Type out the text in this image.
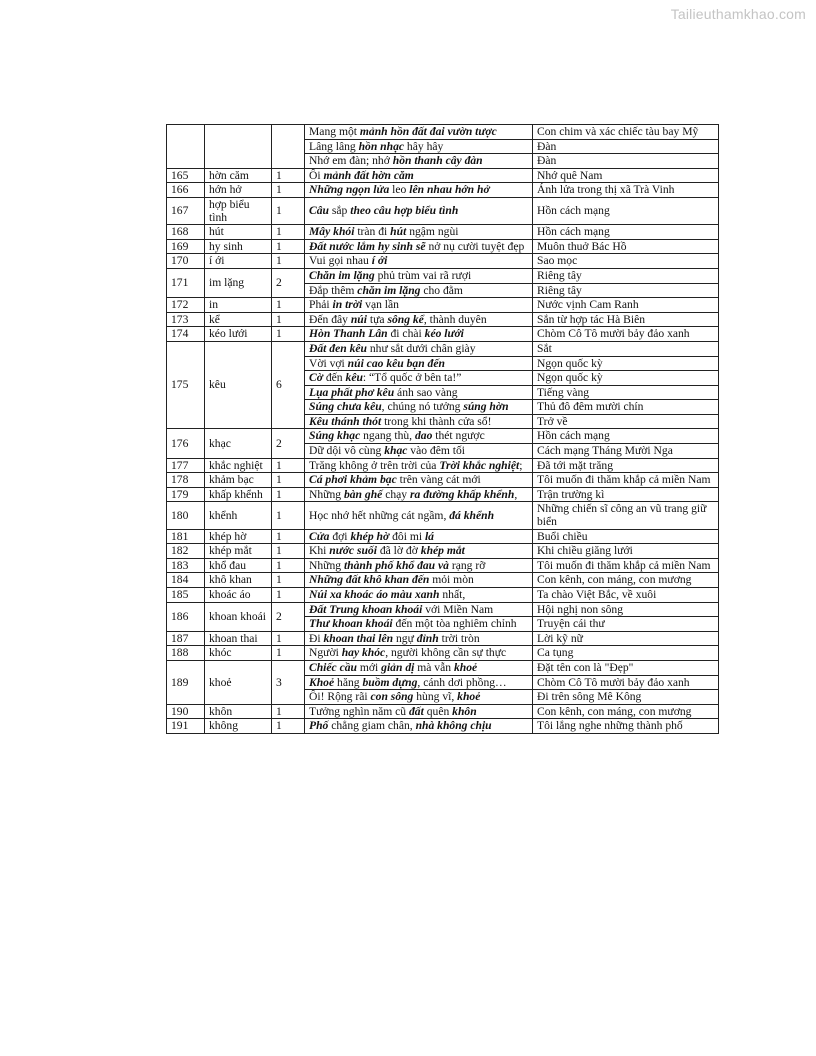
Tailieuthamkhao.com
			Mang một mảnh hồn đất đai vườn tược	Con chim và xác chiếc tàu bay Mỹ
			Lâng lâng hồn nhạc hây hây	Đàn
			Nhớ em đàn; nhớ hồn thanh cây đàn	Đàn
165	hờn căm	1	Ôi mảnh đất hờn căm	Nhớ quê Nam
166	hớn hở	1	Những ngọn lửa leo lên nhau hớn hở	Ánh lửa trong thị xã Trà Vinh
167	hợp biểu tình	1	Câu sắp theo câu hợp biểu tình	Hồn cách mạng
168	hút	1	Mây khói tràn đi hút ngậm ngùi	Hồn cách mạng
169	hy sinh	1	Đất nước lắm hy sinh sẽ nở nụ cười tuyệt đẹp	Muôn thuở Bác Hồ
170	í ới	1	Vui gọi nhau í ới	Sao mọc
171	im lặng	2	Chăn im lặng phủ trùm vai rã rượi	Riêng tây
			Đắp thêm chăn im lặng cho đằm	Riêng tây
172	in	1	Phải in trời vạn lần	Nước vịnh Cam Ranh
173	kể	1	Đến đây núi tựa sông kể, thành duyên	Sắn từ hợp tác Hà Biên
174	kéo lưới	1	Hòn Thanh Lân đi chài kéo lưới	Chòm Cô Tô mười bảy đảo xanh
175	kêu	6	Đất đen kêu như sắt dưới chân giày	Sắt
			Vời vợi núi cao kêu bạn đến	Ngọn quốc kỳ
			Cờ đến kêu: “Tổ quốc ở bên ta!”	Ngọn quốc kỳ
			Lụa phất phơ kêu ánh sao vàng	Tiếng vàng
			Súng chưa kêu, chúng nó tưởng súng hờn	Thủ đô đêm mười chín
			Kêu thánh thót trong khi thành cửa sổ!	Trở về
176	khạc	2	Súng khạc ngang thù, dao thét ngược	Hồn cách mạng
			Dữ dội vô cùng khạc vào đêm tối	Cách mạng Tháng Mười Nga
177	khắc nghiệt	1	Trăng không ở trên trời của Trời khắc nghiệt;	Đã tới mặt trăng
178	khảm bạc	1	Cá phơi khảm bạc trên vàng cát mới	Tôi muốn đi thăm khắp cả miền Nam
179	khấp khểnh	1	Những bàn ghế chạy ra đường khấp khểnh,	Trận trường kì
180	khểnh	1	Học nhớ hết những cát ngầm, đá khểnh	Những chiến sĩ công an vũ trang giữ biển
181	khép hờ	1	Cửa đợi khép hờ đôi mi lá	Buổi chiều
182	khép mắt	1	Khi nước suối đã lờ đờ khép mắt	Khi chiều giăng lưới
183	khổ đau	1	Những thành phố khổ đau và rạng rỡ	Tôi muốn đi thăm khắp cả miền Nam
184	khô khan	1	Những đất khô khan đến mỏi mòn	Con kênh, con máng, con mương
185	khoác áo	1	Núi xa khoác áo màu xanh nhất,	Ta chào Việt Bắc, về xuôi
186	khoan khoái	2	Đất Trung khoan khoái với Miền Nam	Hội nghị non sông
			Thư khoan khoái đến một tòa nghiêm chỉnh	Truyện cái thư
187	khoan thai	1	Đi khoan thai lên ngự đỉnh trời tròn	Lời kỹ nữ
188	khóc	1	Người hay khóc, người không cần sự thực	Ca tụng
189	khoẻ	3	Chiếc cầu mới giản dị mà vẫn khoẻ	Đặt tên con là "Đẹp"
			Khoẻ hăng buồm dựng, cánh dơi phồng…	Chòm Cô Tô mười bảy đảo xanh
			Ôi! Rộng rãi con sông hùng vĩ, khoẻ	Đi trên sông Mê Kông
190	khôn	1	Tưởng nghìn năm cũ đất quên khôn	Con kênh, con máng, con mương
191	không	1	Phố chẳng giam chân, nhà không chịu	Tôi lắng nghe những thành phố
